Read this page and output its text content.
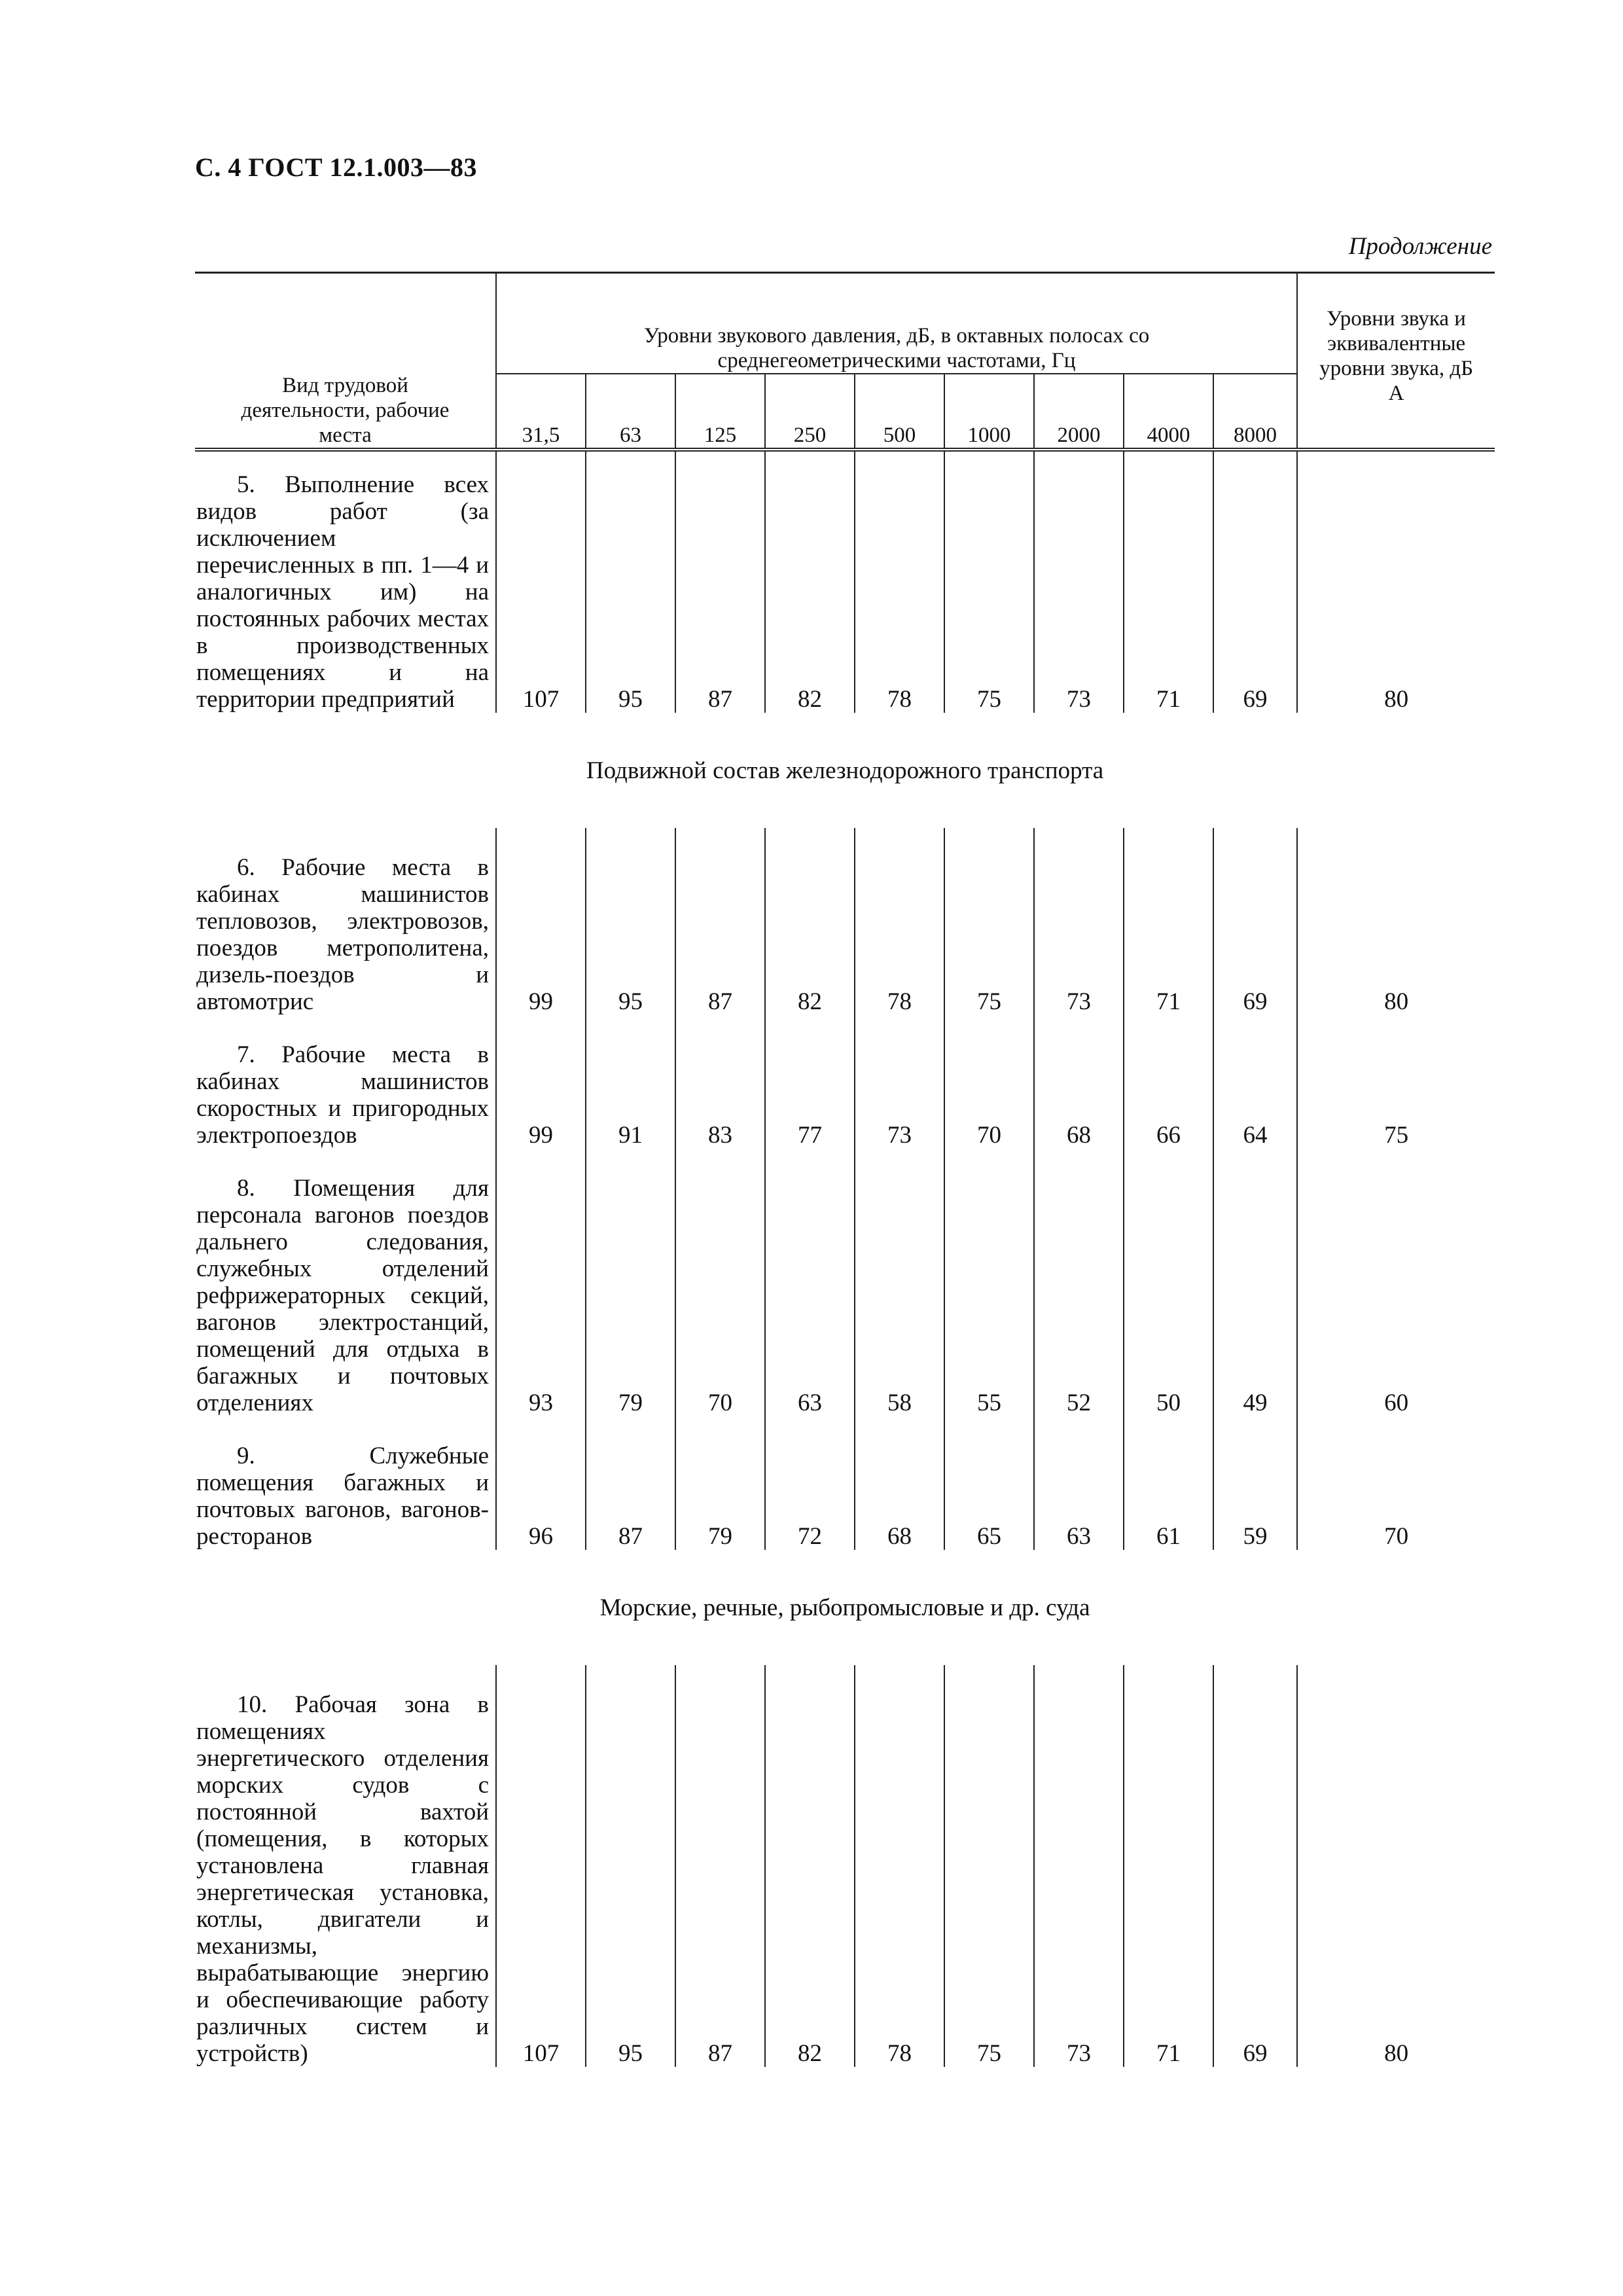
С. 4 ГОСТ 12.1.003—83
Продолжение
Вид трудовой деятельности, рабочие места	Уровни звукового давления, дБ, в октавных полосах со среднегеометрическими частотами, Гц									Уровни звука и эквивалентные уровни звука, дБ А
	31,5	63	125	250	500	1000	2000	4000	8000	

5. Выполнение всех видов работ (за исключением перечисленных в пп. 1—4 и аналогичных им) на постоянных рабочих местах в производственных помещениях и на территории предприятий	107	95	87	82	78	75	73	71	69	80
Подвижной состав железнодорожного транспорта										

6. Рабочие места в кабинах машинистов тепловозов, электровозов, поездов метрополитена, дизель-поездов и автомотрис	99	95	87	82	78	75	73	71	69	80

7. Рабочие места в кабинах машинистов скоростных и пригородных электропоездов	99	91	83	77	73	70	68	66	64	75

8. Помещения для персонала вагонов поездов дальнего следования, служебных отделений рефрижераторных секций, вагонов электростанций, помещений для отдыха в багажных и почтовых отделениях	93	79	70	63	58	55	52	50	49	60

9. Служебные помещения багажных и почтовых вагонов, вагонов-ресторанов	96	87	79	72	68	65	63	61	59	70
Морские, речные, рыбопромысловые и др. суда										

10. Рабочая зона в помещениях энергетического отделения морских судов с постоянной вахтой (помещения, в которых установлена главная энергетическая установка, котлы, двигатели и механизмы, вырабатывающие энергию и обеспечивающие работу различных систем и устройств)	107	95	87	82	78	75	73	71	69	80
